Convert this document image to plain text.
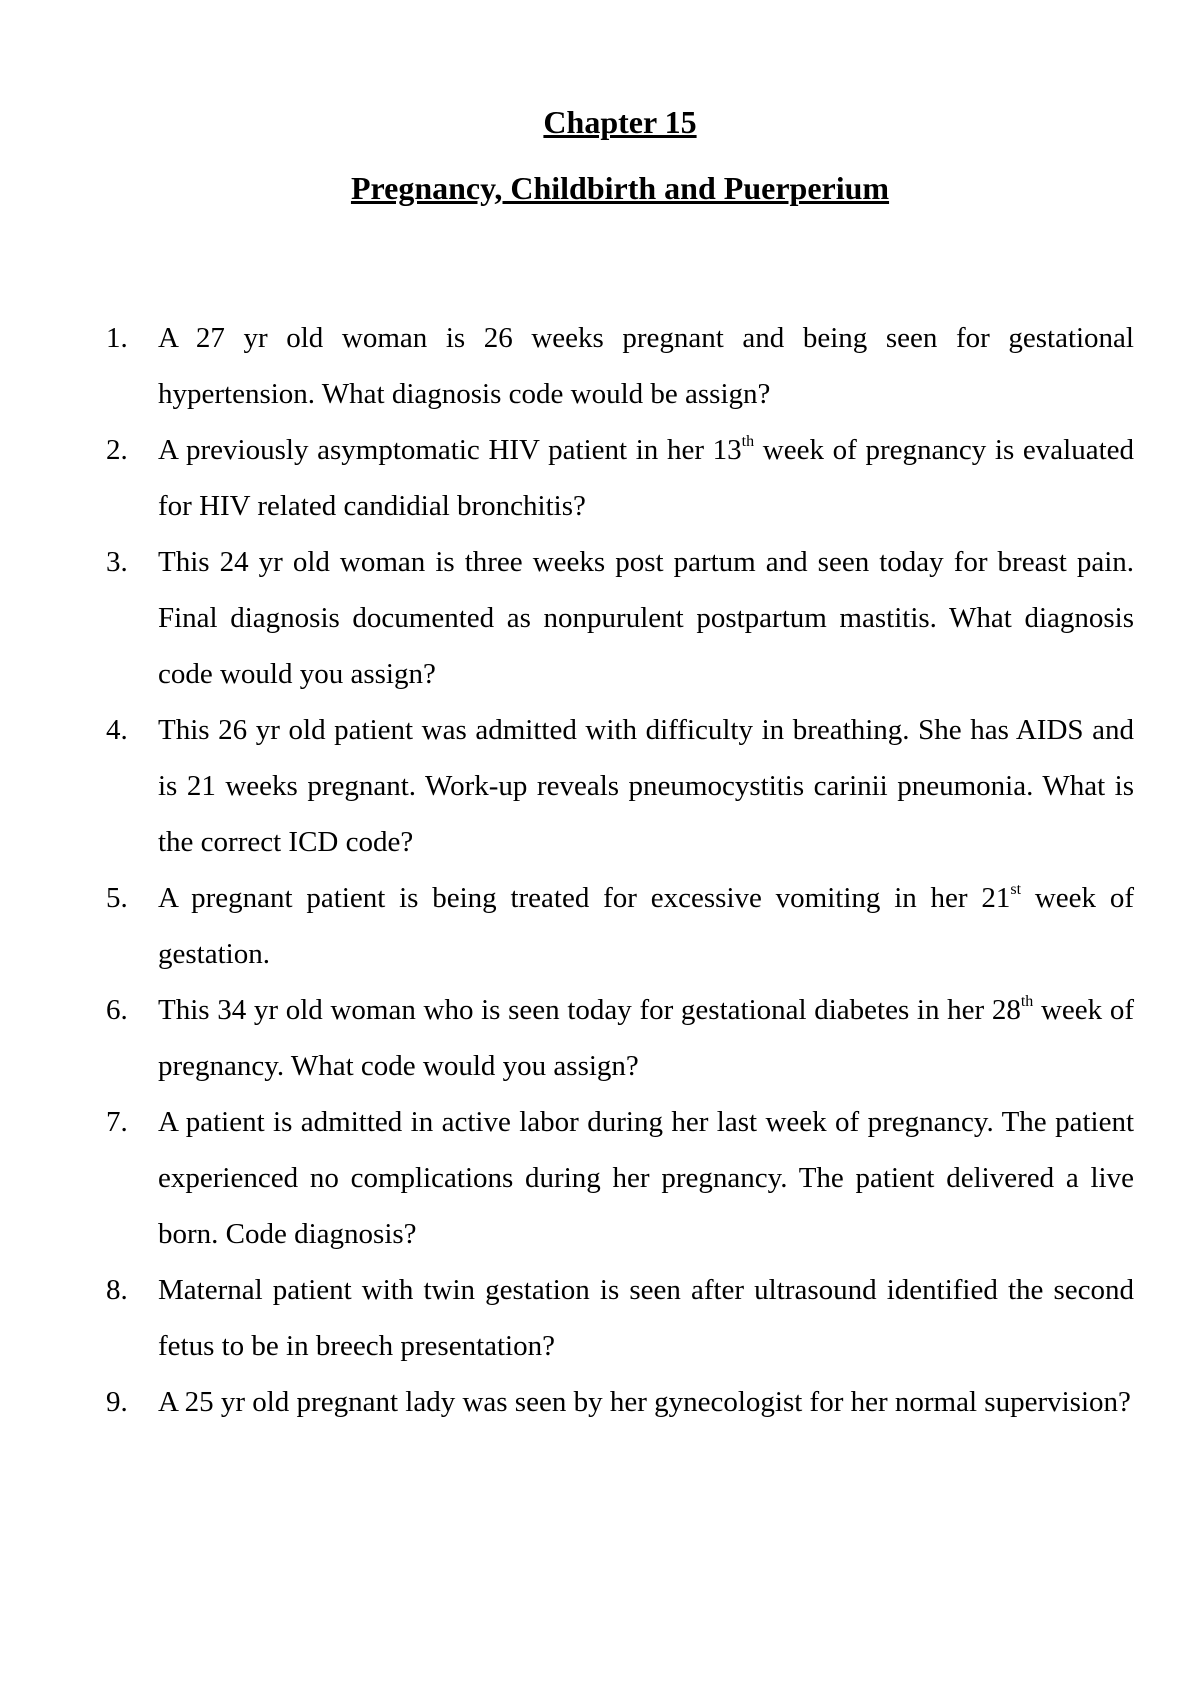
Chapter 15
Pregnancy, Childbirth and Puerperium
1.	A 27 yr old woman is 26 weeks pregnant and being seen for gestational hypertension. What diagnosis code would be assign?
2.	A previously asymptomatic HIV patient in her 13th week of pregnancy is evaluated for HIV related candidial bronchitis?
3.	This 24 yr old woman is three weeks post partum and seen today for breast pain. Final diagnosis documented as nonpurulent postpartum mastitis. What diagnosis code would you assign?
4.	This 26 yr old patient was admitted with difficulty in breathing. She has AIDS and is 21 weeks pregnant. Work-up reveals pneumocystitis carinii pneumonia. What is the correct ICD code?
5.	A pregnant patient is being treated for excessive vomiting in her 21st week of gestation.
6.	This 34 yr old woman who is seen today for gestational diabetes in her 28th week of pregnancy. What code would you assign?
7.	A patient is admitted in active labor during her last week of pregnancy. The patient experienced no complications during her pregnancy. The patient delivered a live born. Code diagnosis?
8.	Maternal patient with twin gestation is seen after ultrasound identified the second fetus to be in breech presentation?
9.	A 25 yr old pregnant lady was seen by her gynecologist for her normal supervision?
